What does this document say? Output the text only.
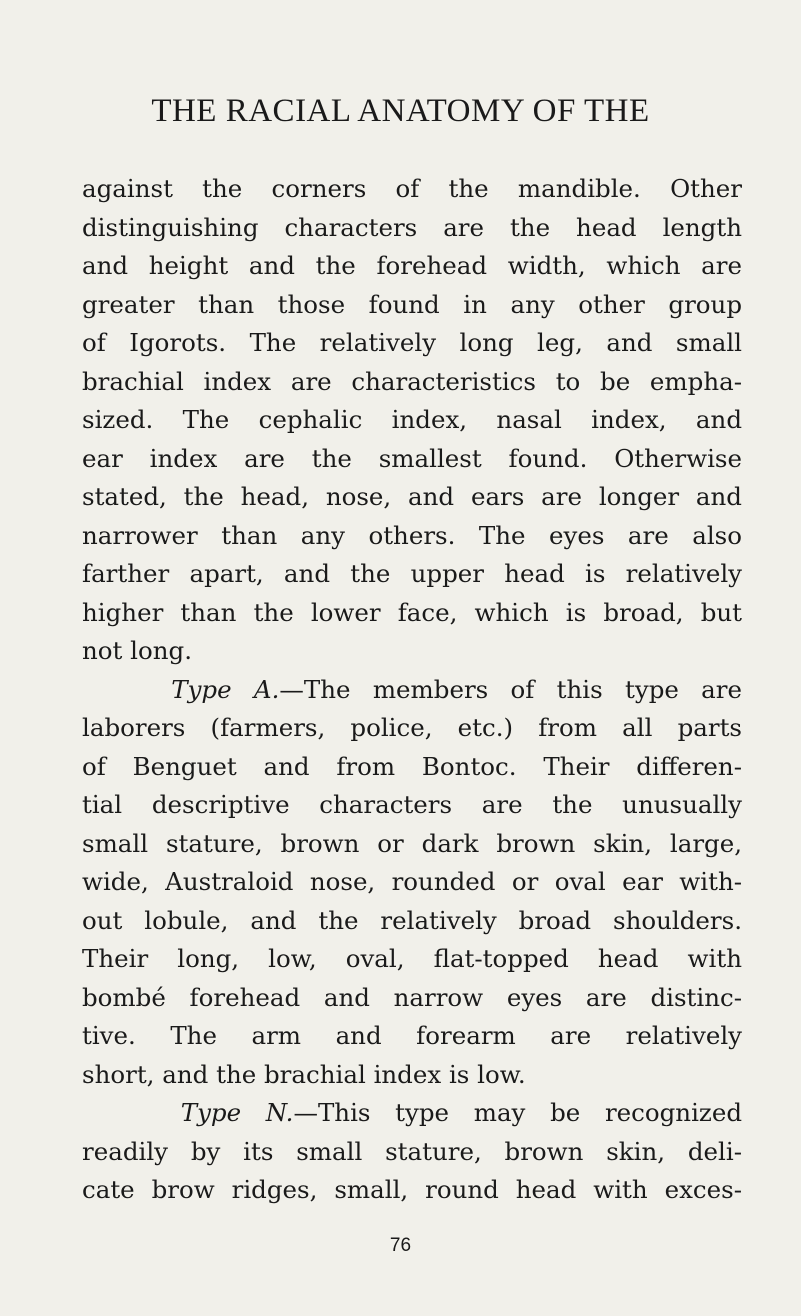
THE RACIAL ANATOMY OF THE
against the corners of the mandible. Other
distinguishing characters are the head length
and height and the forehead width, which are
greater than those found in any other group
of Igorots. The relatively long leg, and small
brachial index are characteristics to be empha-
sized. The cephalic index, nasal index, and
ear index are the smallest found. Otherwise
stated, the head, nose, and ears are longer and
narrower than any others. The eyes are also
farther apart, and the upper head is relatively
higher than the lower face, which is broad, but
not long.
Type A.—The members of this type are
laborers (farmers, police, etc.) from all parts
of Benguet and from Bontoc. Their differen-
tial descriptive characters are the unusually
small stature, brown or dark brown skin, large,
wide, Australoid nose, rounded or oval ear with-
out lobule, and the relatively broad shoulders.
Their long, low, oval, flat-topped head with
bombé forehead and narrow eyes are distinc-
tive. The arm and forearm are relatively
short, and the brachial index is low.
Type N.—This type may be recognized
readily by its small stature, brown skin, deli-
cate brow ridges, small, round head with exces-
76
